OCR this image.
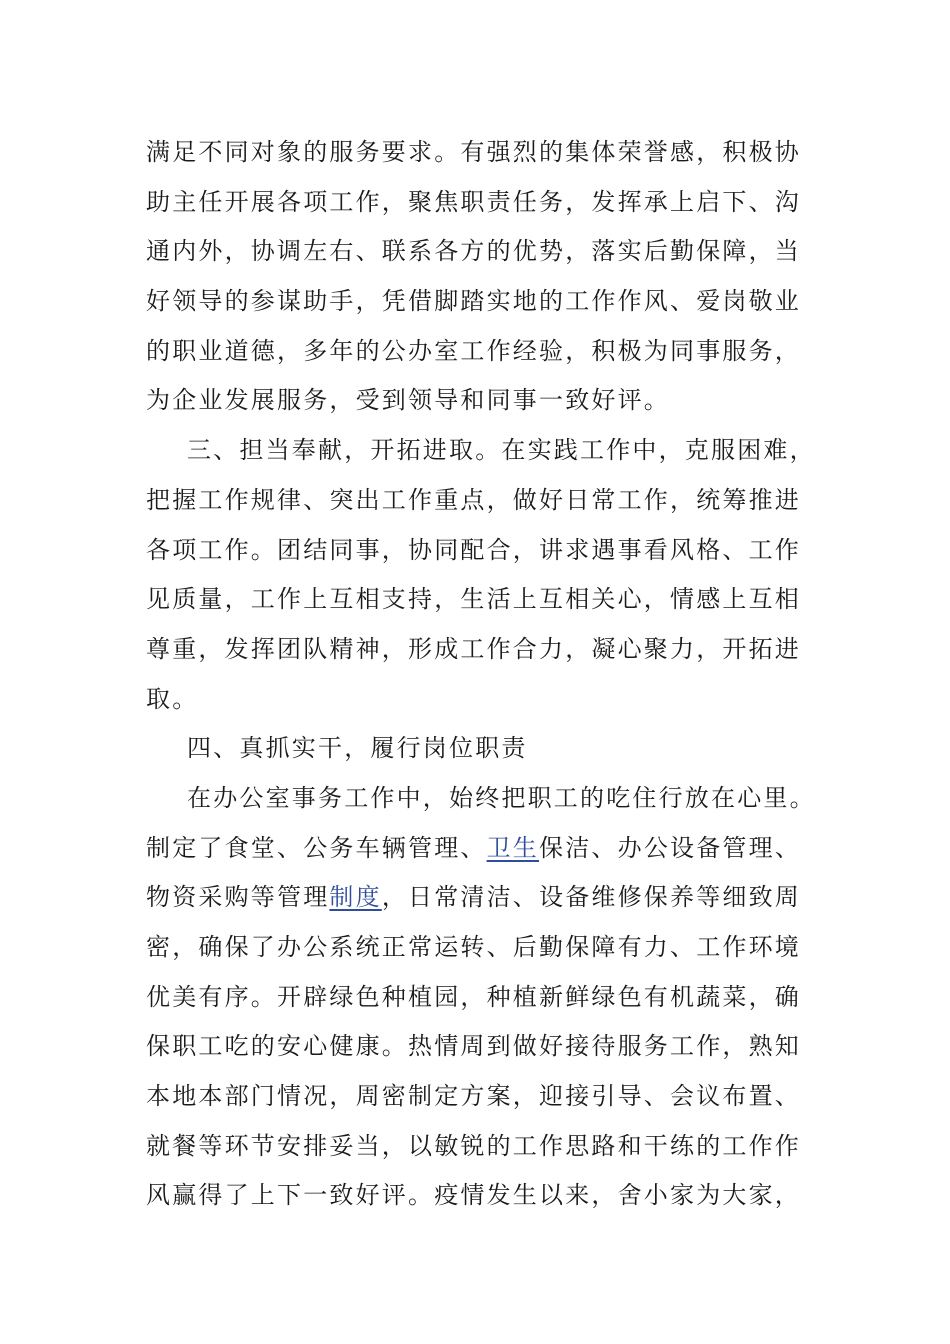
满足不同对象的服务要求。有强烈的集体荣誉感，积极协
助主任开展各项工作，聚焦职责任务，发挥承上启下、沟
通内外，协调左右、联系各方的优势，落实后勤保障，当
好领导的参谋助手，凭借脚踏实地的工作作风、爱岗敬业
的职业道德，多年的公办室工作经验，积极为同事服务，
为企业发展服务，受到领导和同事一致好评。
三、担当奉献，开拓进取。在实践工作中，克服困难，
把握工作规律、突出工作重点，做好日常工作，统筹推进
各项工作。团结同事，协同配合，讲求遇事看风格、工作
见质量，工作上互相支持，生活上互相关心，情感上互相
尊重，发挥团队精神，形成工作合力，凝心聚力，开拓进
取。
四、真抓实干，履行岗位职责
在办公室事务工作中，始终把职工的吃住行放在心里。
制定了食堂、公务车辆管理、卫生保洁、办公设备管理、
物资采购等管理制度，日常清洁、设备维修保养等细致周
密，确保了办公系统正常运转、后勤保障有力、工作环境
优美有序。开辟绿色种植园，种植新鲜绿色有机蔬菜，确
保职工吃的安心健康。热情周到做好接待服务工作，熟知
本地本部门情况，周密制定方案，迎接引导、会议布置、
就餐等环节安排妥当，以敏锐的工作思路和干练的工作作
风赢得了上下一致好评。疫情发生以来，舍小家为大家，
